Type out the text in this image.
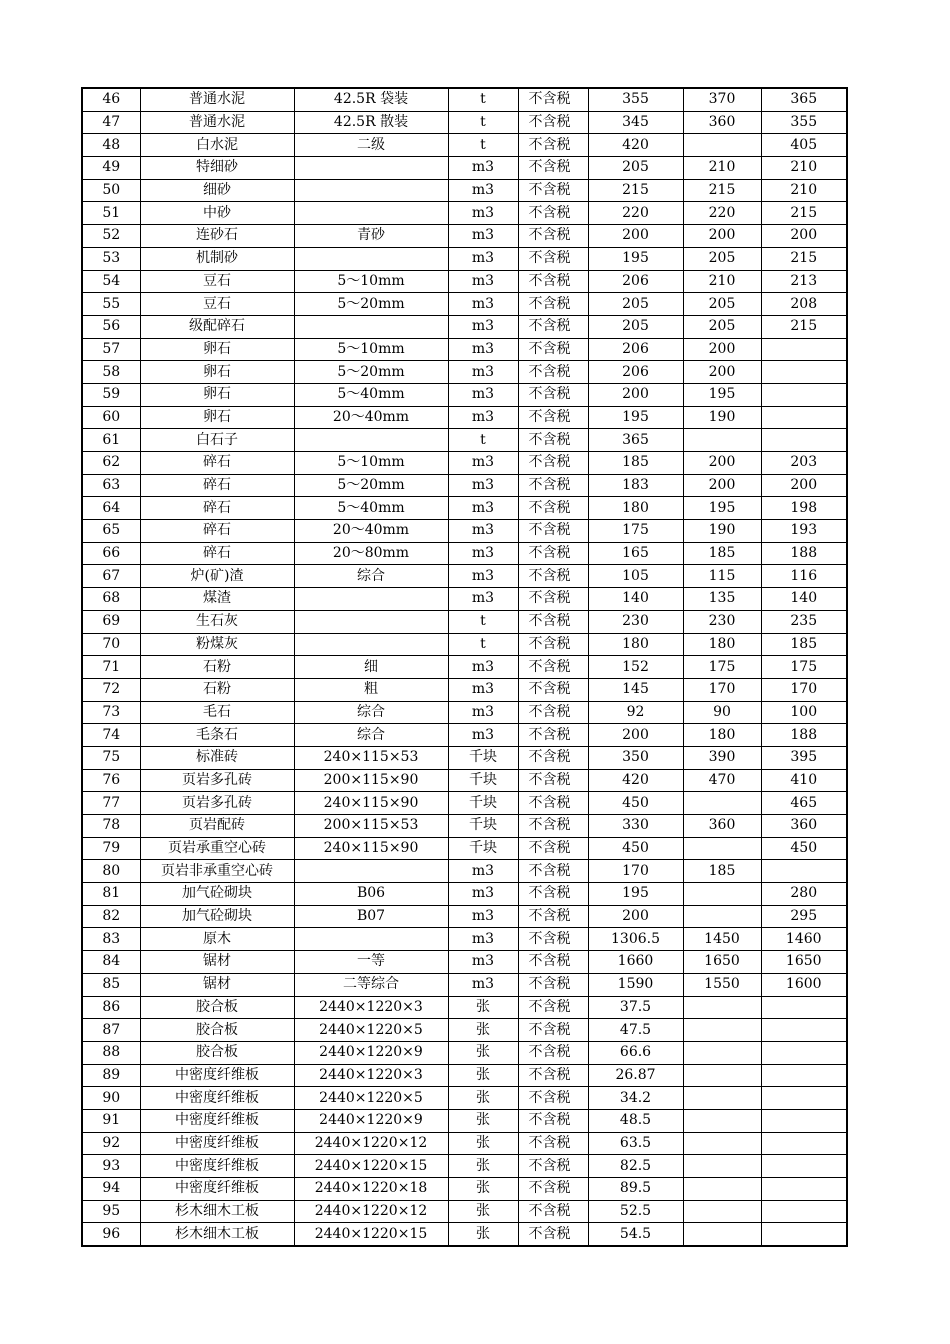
46	普通水泥	42.5R 袋装	t	不含税	355	370	365
47	普通水泥	42.5R 散装	t	不含税	345	360	355
48	白水泥	二级	t	不含税	420		405
49	特细砂		m3	不含税	205	210	210
50	细砂		m3	不含税	215	215	210
51	中砂		m3	不含税	220	220	215
52	连砂石	青砂	m3	不含税	200	200	200
53	机制砂		m3	不含税	195	205	215
54	豆石	5～10mm	m3	不含税	206	210	213
55	豆石	5～20mm	m3	不含税	205	205	208
56	级配碎石		m3	不含税	205	205	215
57	卵石	5～10mm	m3	不含税	206	200	
58	卵石	5～20mm	m3	不含税	206	200	
59	卵石	5～40mm	m3	不含税	200	195	
60	卵石	20～40mm	m3	不含税	195	190	
61	白石子		t	不含税	365		
62	碎石	5～10mm	m3	不含税	185	200	203
63	碎石	5～20mm	m3	不含税	183	200	200
64	碎石	5～40mm	m3	不含税	180	195	198
65	碎石	20～40mm	m3	不含税	175	190	193
66	碎石	20～80mm	m3	不含税	165	185	188
67	炉(矿)渣	综合	m3	不含税	105	115	116
68	煤渣		m3	不含税	140	135	140
69	生石灰		t	不含税	230	230	235
70	粉煤灰		t	不含税	180	180	185
71	石粉	细	m3	不含税	152	175	175
72	石粉	粗	m3	不含税	145	170	170
73	毛石	综合	m3	不含税	92	90	100
74	毛条石	综合	m3	不含税	200	180	188
75	标准砖	240×115×53	千块	不含税	350	390	395
76	页岩多孔砖	200×115×90	千块	不含税	420	470	410
77	页岩多孔砖	240×115×90	千块	不含税	450		465
78	页岩配砖	200×115×53	千块	不含税	330	360	360
79	页岩承重空心砖	240×115×90	千块	不含税	450		450
80	页岩非承重空心砖		m3	不含税	170	185	
81	加气砼砌块	B06	m3	不含税	195		280
82	加气砼砌块	B07	m3	不含税	200		295
83	原木		m3	不含税	1306.5	1450	1460
84	锯材	一等	m3	不含税	1660	1650	1650
85	锯材	二等综合	m3	不含税	1590	1550	1600
86	胶合板	2440×1220×3	张	不含税	37.5		
87	胶合板	2440×1220×5	张	不含税	47.5		
88	胶合板	2440×1220×9	张	不含税	66.6		
89	中密度纤维板	2440×1220×3	张	不含税	26.87		
90	中密度纤维板	2440×1220×5	张	不含税	34.2		
91	中密度纤维板	2440×1220×9	张	不含税	48.5		
92	中密度纤维板	2440×1220×12	张	不含税	63.5		
93	中密度纤维板	2440×1220×15	张	不含税	82.5		
94	中密度纤维板	2440×1220×18	张	不含税	89.5		
95	杉木细木工板	2440×1220×12	张	不含税	52.5		
96	杉木细木工板	2440×1220×15	张	不含税	54.5		
